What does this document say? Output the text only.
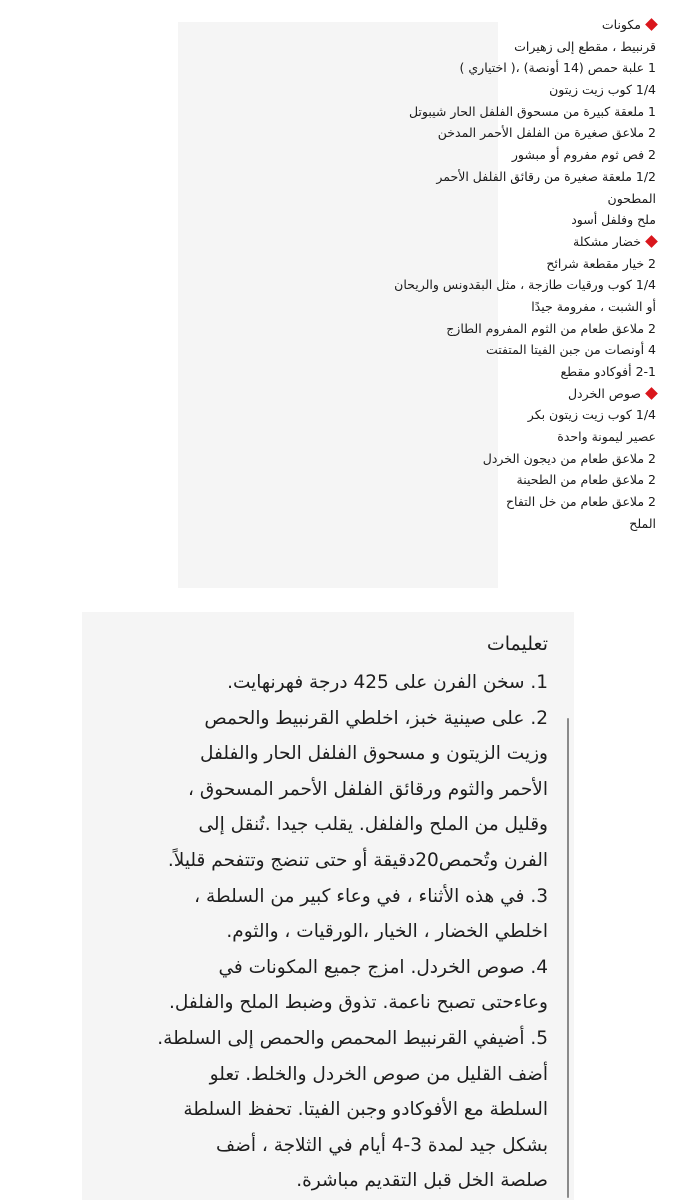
مكونات
قرنبيط ، مقطع إلى زهيرات
1 علبة حمص (14 أونصة) ،( اختياري )
1/4 كوب زيت زيتون
1 ملعقة كبيرة من مسحوق الفلفل الحار شيبوتل
2 ملاعق صغيرة من الفلفل الأحمر المدخن
2 فص ثوم مفروم أو مبشور
1/2 ملعقة صغيرة من رقائق الفلفل الأحمر
المطحون
ملح وفلفل أسود
خضار مشكلة
2 خيار مقطعة شرائح
1/4 كوب ورقيات طازجة ، مثل البقدونس والريحان
أو الشبت ، مفرومة جيدًا
2 ملاعق طعام من الثوم المفروم الطازج
4 أونصات من جبن الفيتا المتفتت
2-1 أفوكادو مقطع
صوص الخردل
1/4 كوب زيت زيتون بكر
عصير ليمونة واحدة
2 ملاعق طعام من ديجون الخردل
2 ملاعق طعام من الطحينة
2 ملاعق طعام من خل التفاح
الملح
تعليمات
1. سخن الفرن على 425 درجة فهرنهايت.
2. على صينية خبز، اخلطي القرنبيط والحمص
وزيت الزيتون و مسحوق الفلفل الحار والفلفل
الأحمر والثوم ورقائق الفلفل الأحمر المسحوق ،
وقليل من الملح والفلفل. يقلب جيدا .تُنقل إلى
الفرن وتُحمص20دقيقة أو حتى تنضج وتتفحم قليلاً.
3. في هذه الأثناء ، في وعاء كبير من السلطة ،
اخلطي الخضار ، الخيار ،الورقيات ، والثوم.
4. صوص الخردل. امزج جميع المكونات في
وعاءحتى تصبح ناعمة. تذوق وضبط الملح والفلفل.
5. أضيفي القرنبيط المحمص والحمص إلى السلطة.
أضف القليل من صوص الخردل والخلط. تعلو
السلطة مع الأفوكادو وجبن الفيتا. تحفظ السلطة
بشكل جيد لمدة 3-4 أيام في الثلاجة ، أضف
صلصة الخل قبل التقديم مباشرة.
